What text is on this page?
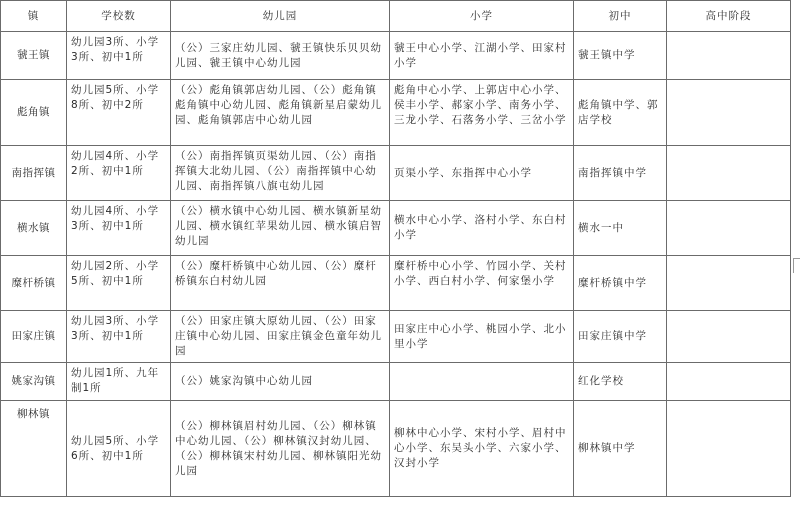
镇	学校数	幼儿园	小学	初中	高中阶段
虢王镇	幼儿园3所、小学3所、初中1所	（公）三家庄幼儿园、虢王镇快乐贝贝幼儿园、虢王镇中心幼儿园	虢王中心小学、江湖小学、田家村小学	虢王镇中学	
彪角镇	幼儿园5所、小学8所、初中2所	（公）彪角镇郭店幼儿园、（公）彪角镇彪角镇中心幼儿园、彪角镇新星启蒙幼儿园、彪角镇郭店中心幼儿园	彪角中心小学、上郭店中心小学、侯丰小学、郝家小学、南务小学、三龙小学、石落务小学、三岔小学	彪角镇中学、郭店学校	
南指挥镇	幼儿园4所、小学2所、初中1所	（公）南指挥镇页渠幼儿园、（公）南指挥镇大北幼儿园、（公）南指挥镇中心幼儿园、南指挥镇八旗屯幼儿园	页渠小学、东指挥中心小学	南指挥镇中学	
横水镇	幼儿园4所、小学3所、初中1所	（公）横水镇中心幼儿园、横水镇新星幼儿园、横水镇红苹果幼儿园、横水镇启智幼儿园	横水中心小学、洛村小学、东白村小学	横水一中	
糜杆桥镇	幼儿园2所、小学5所、初中1所	（公）糜杆桥镇中心幼儿园、（公）糜杆桥镇东白村幼儿园	糜杆桥中心小学、竹园小学、关村小学、西白村小学、何家堡小学	糜杆桥镇中学	
田家庄镇	幼儿园3所、小学3所、初中1所	（公）田家庄镇大原幼儿园、（公）田家庄镇中心幼儿园、田家庄镇金色童年幼儿园	田家庄中心小学、桃园小学、北小里小学	田家庄镇中学	
姚家沟镇	幼儿园1所、九年制1所	（公）姚家沟镇中心幼儿园		红化学校	
柳林镇	幼儿园5所、小学6所、初中1所	（公）柳林镇眉村幼儿园、（公）柳林镇中心幼儿园、（公）柳林镇汉封幼儿园、（公）柳林镇宋村幼儿园、柳林镇阳光幼儿园	柳林中心小学、宋村小学、眉村中心小学、东吴头小学、六家小学、汉封小学	柳林镇中学	
